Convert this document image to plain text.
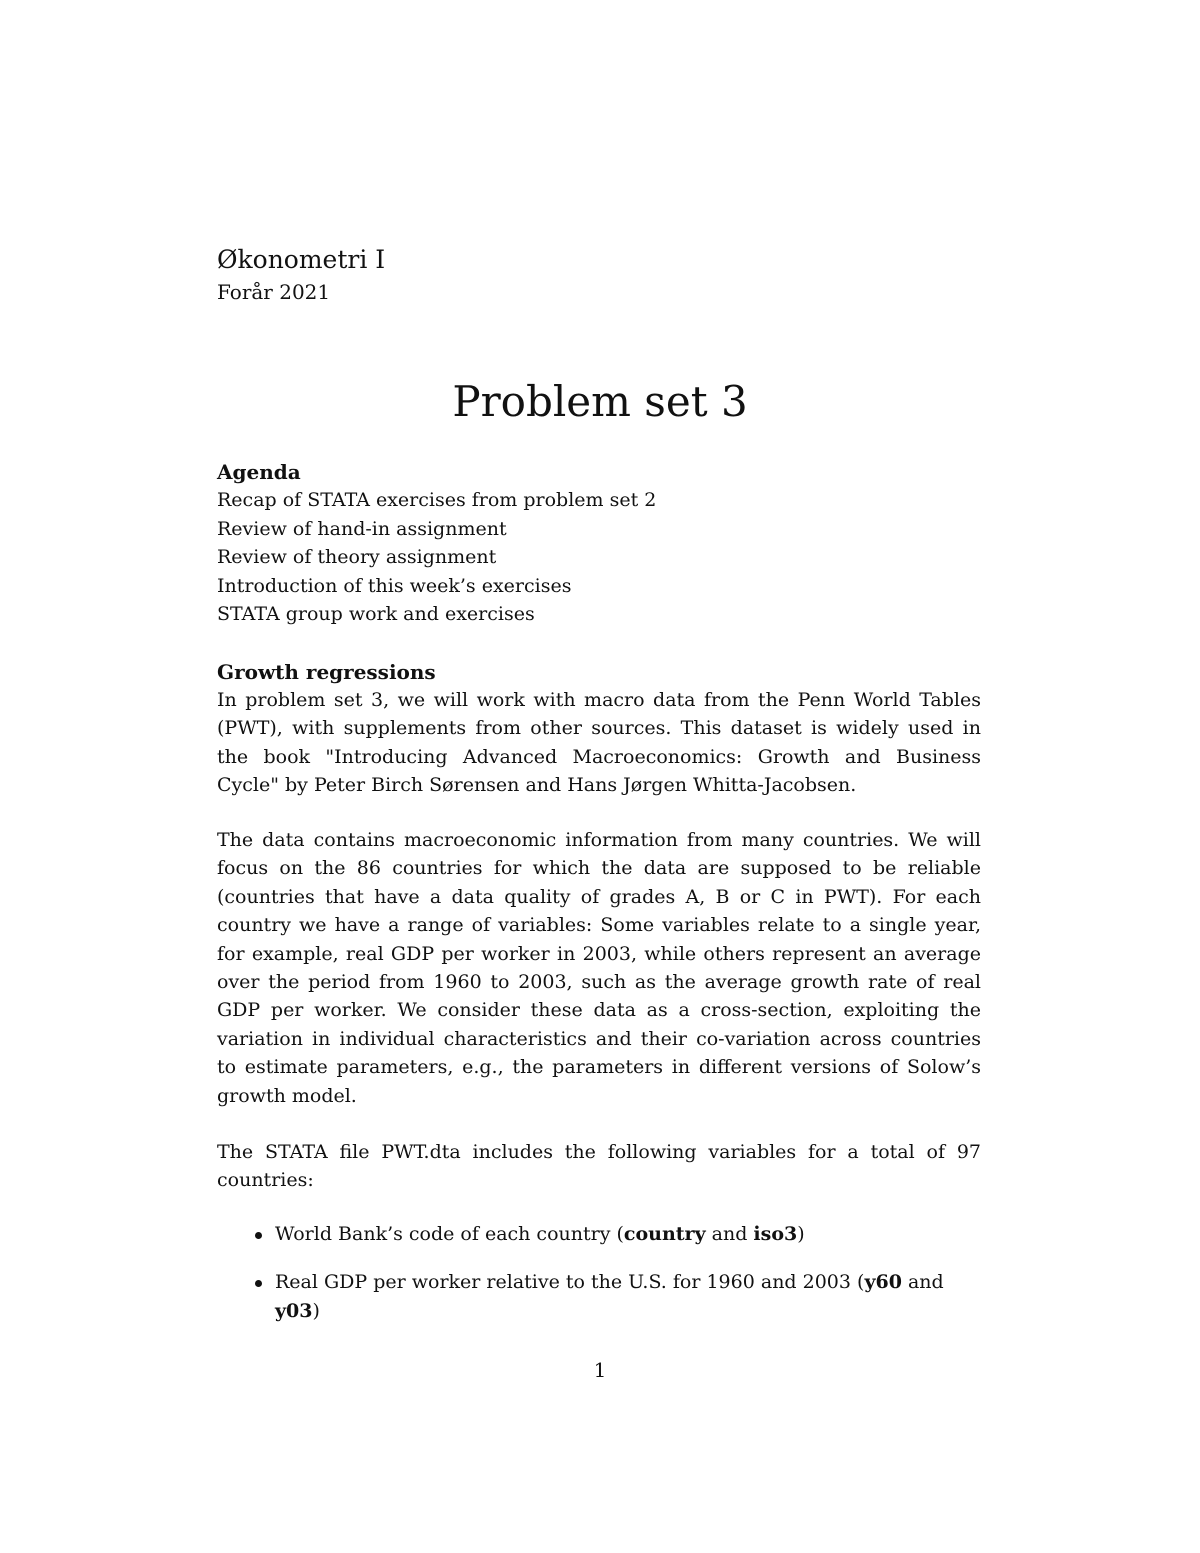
Økonometri I
Forår 2021
Problem set 3
Agenda
Recap of STATA exercises from problem set 2
Review of hand-in assignment
Review of theory assignment
Introduction of this week’s exercises
STATA group work and exercises
Growth regressions

In problem set 3, we will work with macro data from the Penn World Tables (PWT), with supplements from other sources. This dataset is widely used in the book "Introducing Advanced Macroeconomics: Growth and Business Cycle" by Peter Birch Sørensen and Hans Jørgen Whitta-Jacobsen.

The data contains macroeconomic information from many countries. We will focus on the 86 countries for which the data are supposed to be reliable (countries that have a data quality of grades A, B or C in PWT). For each country we have a range of variables: Some variables relate to a single year, for example, real GDP per worker in 2003, while others represent an average over the period from 1960 to 2003, such as the average growth rate of real GDP per worker. We consider these data as a cross-section, exploiting the variation in individual characteristics and their co-variation across countries to estimate parameters, e.g., the parameters in different versions of Solow’s growth model.

The STATA file PWT.dta includes the following variables for a total of 97 countries:

World Bank’s code of each country (country and iso3)
Real GDP per worker relative to the U.S. for 1960 and 2003 (y60 and y03)
1
